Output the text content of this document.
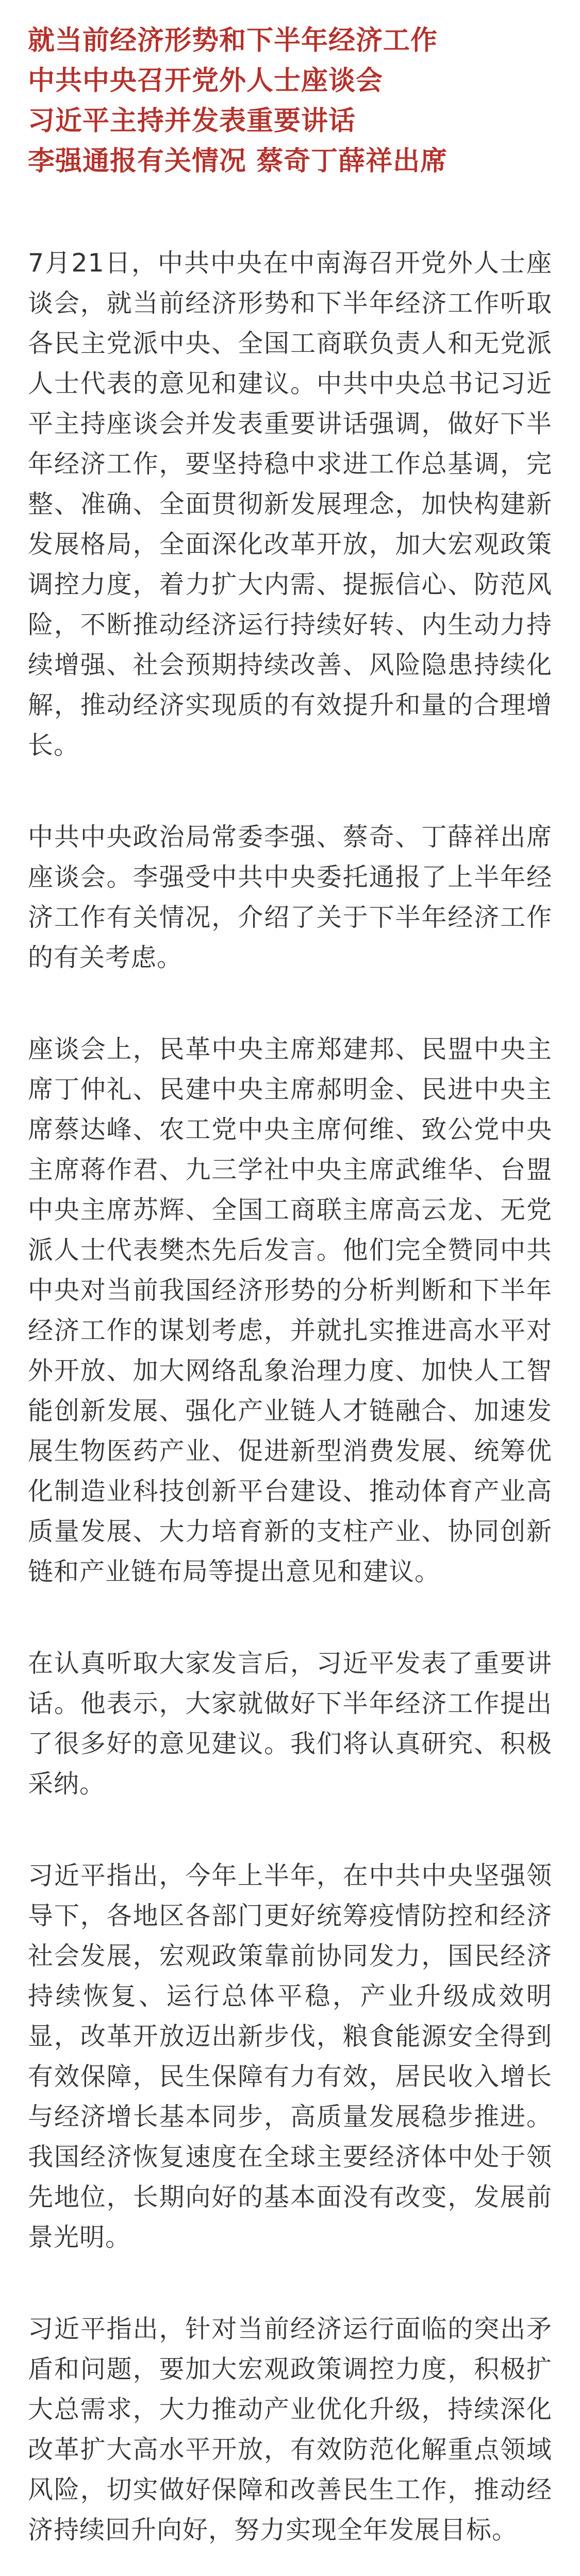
就当前经济形势和下半年经济工作
中共中央召开党外人士座谈会
习近平主持并发表重要讲话
李强通报有关情况 蔡奇丁薛祥出席

7月21日，中共中央在中南海召开党外人士座谈会，就当前经济形势和下半年经济工作听取各民主党派中央、全国工商联负责人和无党派人士代表的意见和建议。中共中央总书记习近平主持座谈会并发表重要讲话强调，做好下半年经济工作，要坚持稳中求进工作总基调，完整、准确、全面贯彻新发展理念，加快构建新发展格局，全面深化改革开放，加大宏观政策调控力度，着力扩大内需、提振信心、防范风险，不断推动经济运行持续好转、内生动力持续增强、社会预期持续改善、风险隐患持续化解，推动经济实现质的有效提升和量的合理增长。

中共中央政治局常委李强、蔡奇、丁薛祥出席座谈会。李强受中共中央委托通报了上半年经济工作有关情况，介绍了关于下半年经济工作的有关考虑。

座谈会上，民革中央主席郑建邦、民盟中央主席丁仲礼、民建中央主席郝明金、民进中央主席蔡达峰、农工党中央主席何维、致公党中央主席蒋作君、九三学社中央主席武维华、台盟中央主席苏辉、全国工商联主席高云龙、无党派人士代表樊杰先后发言。他们完全赞同中共中央对当前我国经济形势的分析判断和下半年经济工作的谋划考虑，并就扎实推进高水平对外开放、加大网络乱象治理力度、加快人工智能创新发展、强化产业链人才链融合、加速发展生物医药产业、促进新型消费发展、统筹优化制造业科技创新平台建设、推动体育产业高质量发展、大力培育新的支柱产业、协同创新链和产业链布局等提出意见和建议。

在认真听取大家发言后，习近平发表了重要讲话。他表示，大家就做好下半年经济工作提出了很多好的意见建议。我们将认真研究、积极采纳。

习近平指出，今年上半年，在中共中央坚强领导下，各地区各部门更好统筹疫情防控和经济社会发展，宏观政策靠前协同发力，国民经济持续恢复、运行总体平稳，产业升级成效明显，改革开放迈出新步伐，粮食能源安全得到有效保障，民生保障有力有效，居民收入增长与经济增长基本同步，高质量发展稳步推进。我国经济恢复速度在全球主要经济体中处于领先地位，长期向好的基本面没有改变，发展前景光明。

习近平指出，针对当前经济运行面临的突出矛盾和问题，要加大宏观政策调控力度，积极扩大总需求，大力推动产业优化升级，持续深化改革扩大高水平开放，有效防范化解重点领域风险，切实做好保障和改善民生工作，推动经济持续回升向好，努力实现全年发展目标。
